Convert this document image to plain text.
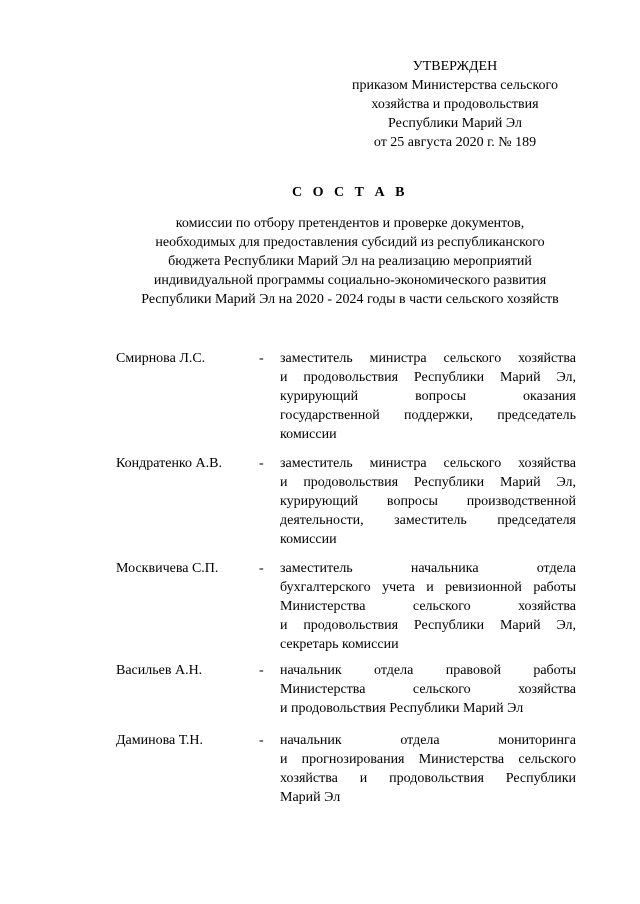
УТВЕРЖДЕН
приказом Министерства сельского
хозяйства и продовольствия
Республики Марий Эл
от 25 августа 2020 г. № 189
С О С Т А В
комиссии по отбору претендентов и проверке документов,
необходимых для предоставления субсидий из республиканского
бюджета Республики Марий Эл на реализацию мероприятий
индивидуальной программы социально-экономического развития
Республики Марий Эл на 2020 - 2024 годы в части сельского хозяйств
Смирнова Л.С.	-	заместитель министра сельского хозяйства
и продовольствия Республики Марий Эл,
курирующий вопросы оказания
государственной поддержки, председатель
комиссии
Кондратенко А.В.	-	заместитель министра сельского хозяйства
и продовольствия Республики Марий Эл,
курирующий вопросы производственной
деятельности, заместитель председателя
комиссии
Москвичева С.П.	-	заместитель начальника отдела
бухгалтерского учета и ревизионной работы
Министерства сельского хозяйства
и продовольствия Республики Марий Эл,
секретарь комиссии
Васильев А.Н.	-	начальник отдела правовой работы
Министерства сельского хозяйства
и продовольствия Республики Марий Эл
Даминова Т.Н.	-	начальник отдела мониторинга
и прогнозирования Министерства сельского
хозяйства и продовольствия Республики
Марий Эл
